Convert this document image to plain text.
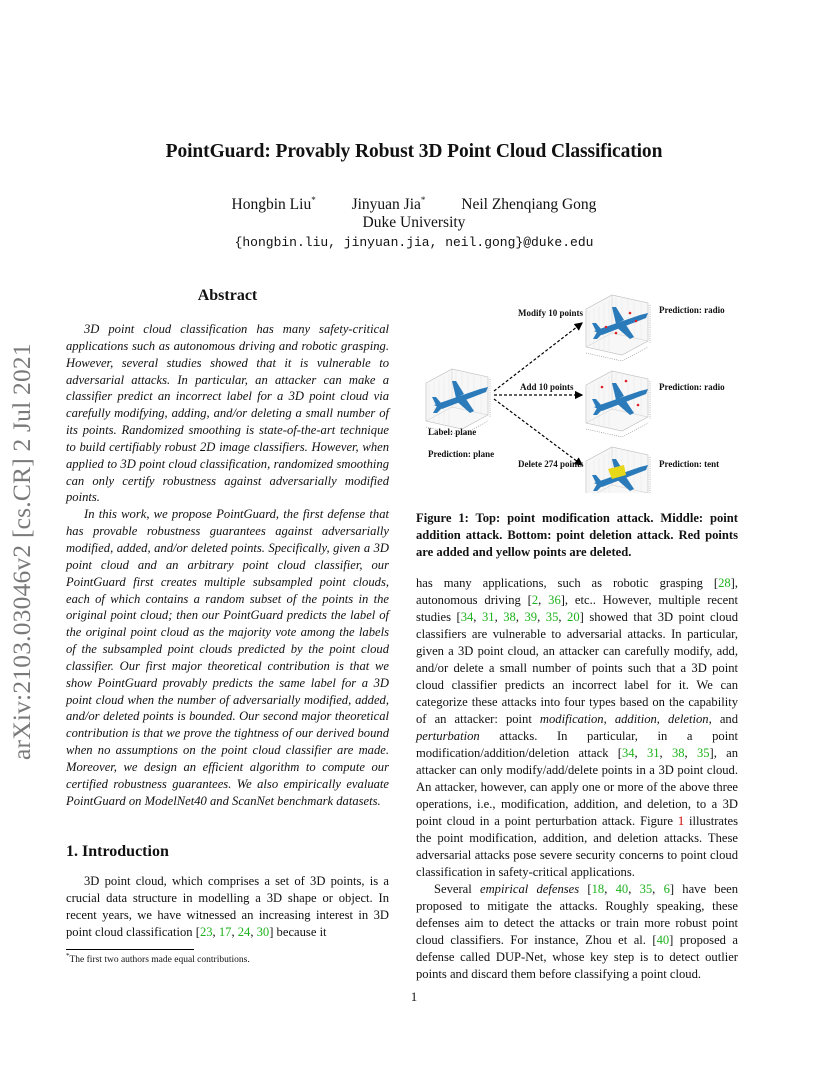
arXiv:2103.03046v2 [cs.CR] 2 Jul 2021
PointGuard: Provably Robust 3D Point Cloud Classification
Hongbin Liu* Jinyuan Jia* Neil Zhenqiang Gong
Duke University
{hongbin.liu, jinyuan.jia, neil.gong}@duke.edu
Abstract

3D point cloud classification has many safety-critical applications such as autonomous driving and robotic grasping. However, several studies showed that it is vulnerable to adversarial attacks. In particular, an attacker can make a classifier predict an incorrect label for a 3D point cloud via carefully modifying, adding, and/or deleting a small number of its points. Randomized smoothing is state-of-the-art technique to build certifiably robust 2D image classifiers. However, when applied to 3D point cloud classification, randomized smoothing can only certify robustness against adversarially modified points.

In this work, we propose PointGuard, the first defense that has provable robustness guarantees against adversarially modified, added, and/or deleted points. Specifically, given a 3D point cloud and an arbitrary point cloud classifier, our PointGuard first creates multiple subsampled point clouds, each of which contains a random subset of the points in the original point cloud; then our PointGuard predicts the label of the original point cloud as the majority vote among the labels of the subsampled point clouds predicted by the point cloud classifier. Our first major theoretical contribution is that we show PointGuard provably predicts the same label for a 3D point cloud when the number of adversarially modified, added, and/or deleted points is bounded. Our second major theoretical contribution is that we prove the tightness of our derived bound when no assumptions on the point cloud classifier are made. Moreover, we design an efficient algorithm to compute our certified robustness guarantees. We also empirically evaluate PointGuard on ModelNet40 and ScanNet benchmark datasets.

1. Introduction

3D point cloud, which comprises a set of 3D points, is a crucial data structure in modelling a 3D shape or object. In recent years, we have witnessed an increasing interest in 3D point cloud classification [23, 17, 24, 30] because it

*The first two authors made equal contributions.
1
Modify 10 points
Add 10 points
Delete 274 points
Prediction: radio
Prediction: radio
Prediction: tent
Label: plane
Prediction: plane
Figure 1: Top: point modification attack. Middle: point addition attack. Bottom: point deletion attack. Red points are added and yellow points are deleted.

has many applications, such as robotic grasping [28], autonomous driving [2, 36], etc.. However, multiple recent studies [34, 31, 38, 39, 35, 20] showed that 3D point cloud classifiers are vulnerable to adversarial attacks. In particular, given a 3D point cloud, an attacker can carefully modify, add, and/or delete a small number of points such that a 3D point cloud classifier predicts an incorrect label for it. We can categorize these attacks into four types based on the capability of an attacker: point modification, addition, deletion, and perturbation attacks. In particular, in a point modification/addition/deletion attack [34, 31, 38, 35], an attacker can only modify/add/delete points in a 3D point cloud. An attacker, however, can apply one or more of the above three operations, i.e., modification, addition, and deletion, to a 3D point cloud in a point perturbation attack. Figure 1 illustrates the point modification, addition, and deletion attacks. These adversarial attacks pose severe security concerns to point cloud classification in safety-critical applications.

Several empirical defenses [18, 40, 35, 6] have been proposed to mitigate the attacks. Roughly speaking, these defenses aim to detect the attacks or train more robust point cloud classifiers. For instance, Zhou et al. [40] proposed a defense called DUP-Net, whose key step is to detect outlier points and discard them before classifying a point cloud.
